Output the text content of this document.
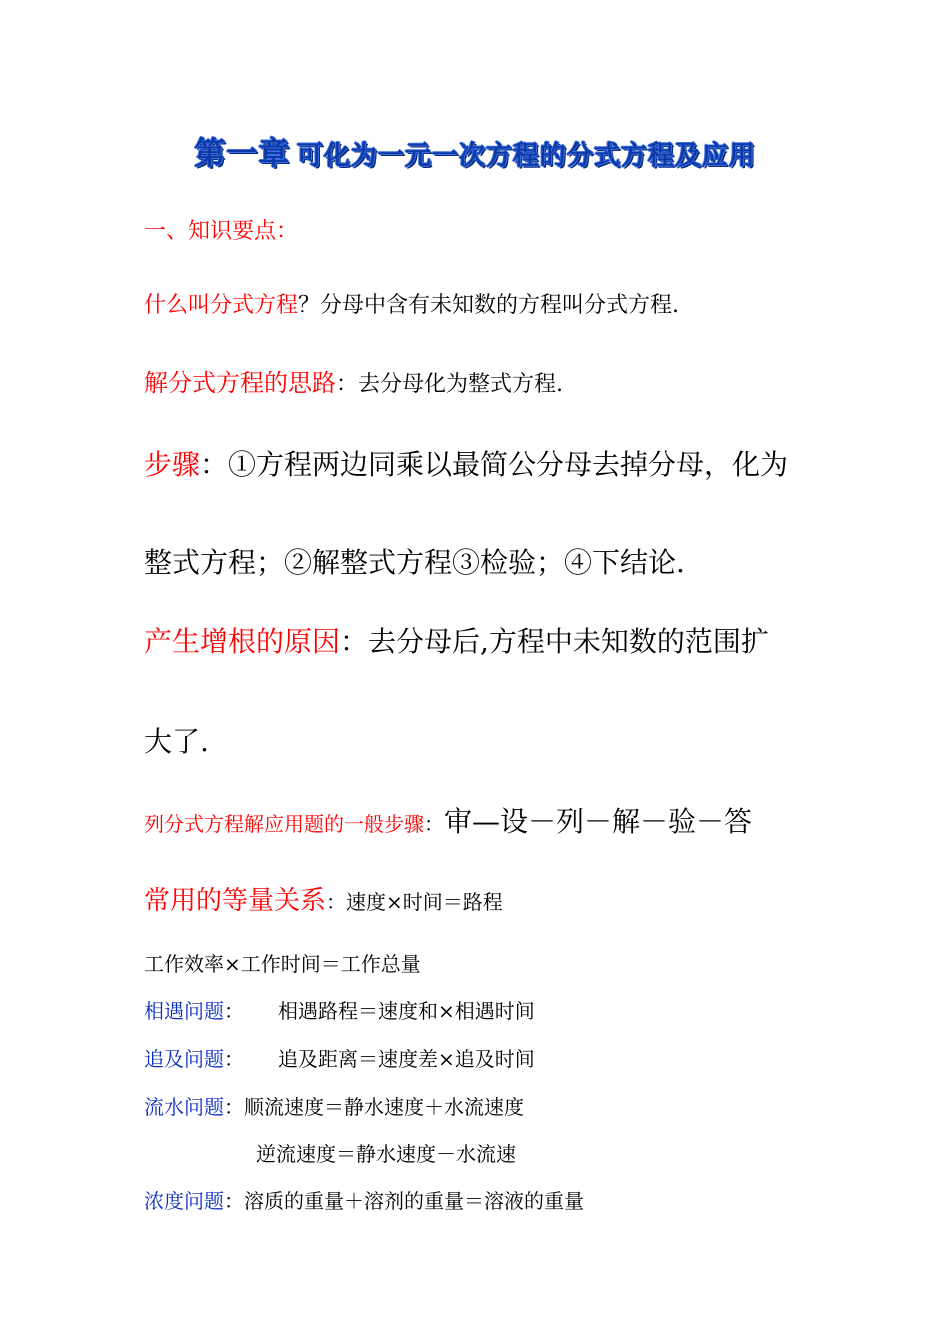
第一章 可化为一元一次方程的分式方程及应用
一、知识要点：
什么叫分式方程？分母中含有未知数的方程叫分式方程.
解分式方程的思路：去分母化为整式方程.
步骤：①方程两边同乘以最简公分母去掉分母，化为
整式方程；②解整式方程③检验；④下结论.
产生增根的原因：去分母后,方程中未知数的范围扩
大了.
列分式方程解应用题的一般步骤：审—设－列－解－验－答
常用的等量关系：速度×时间＝路程
工作效率×工作时间＝工作总量
相遇问题： 相遇路程＝速度和×相遇时间
追及问题： 追及距离＝速度差×追及时间
流水问题：顺流速度＝静水速度＋水流速度
逆流速度＝静水速度－水流速
浓度问题：溶质的重量＋溶剂的重量＝溶液的重量
